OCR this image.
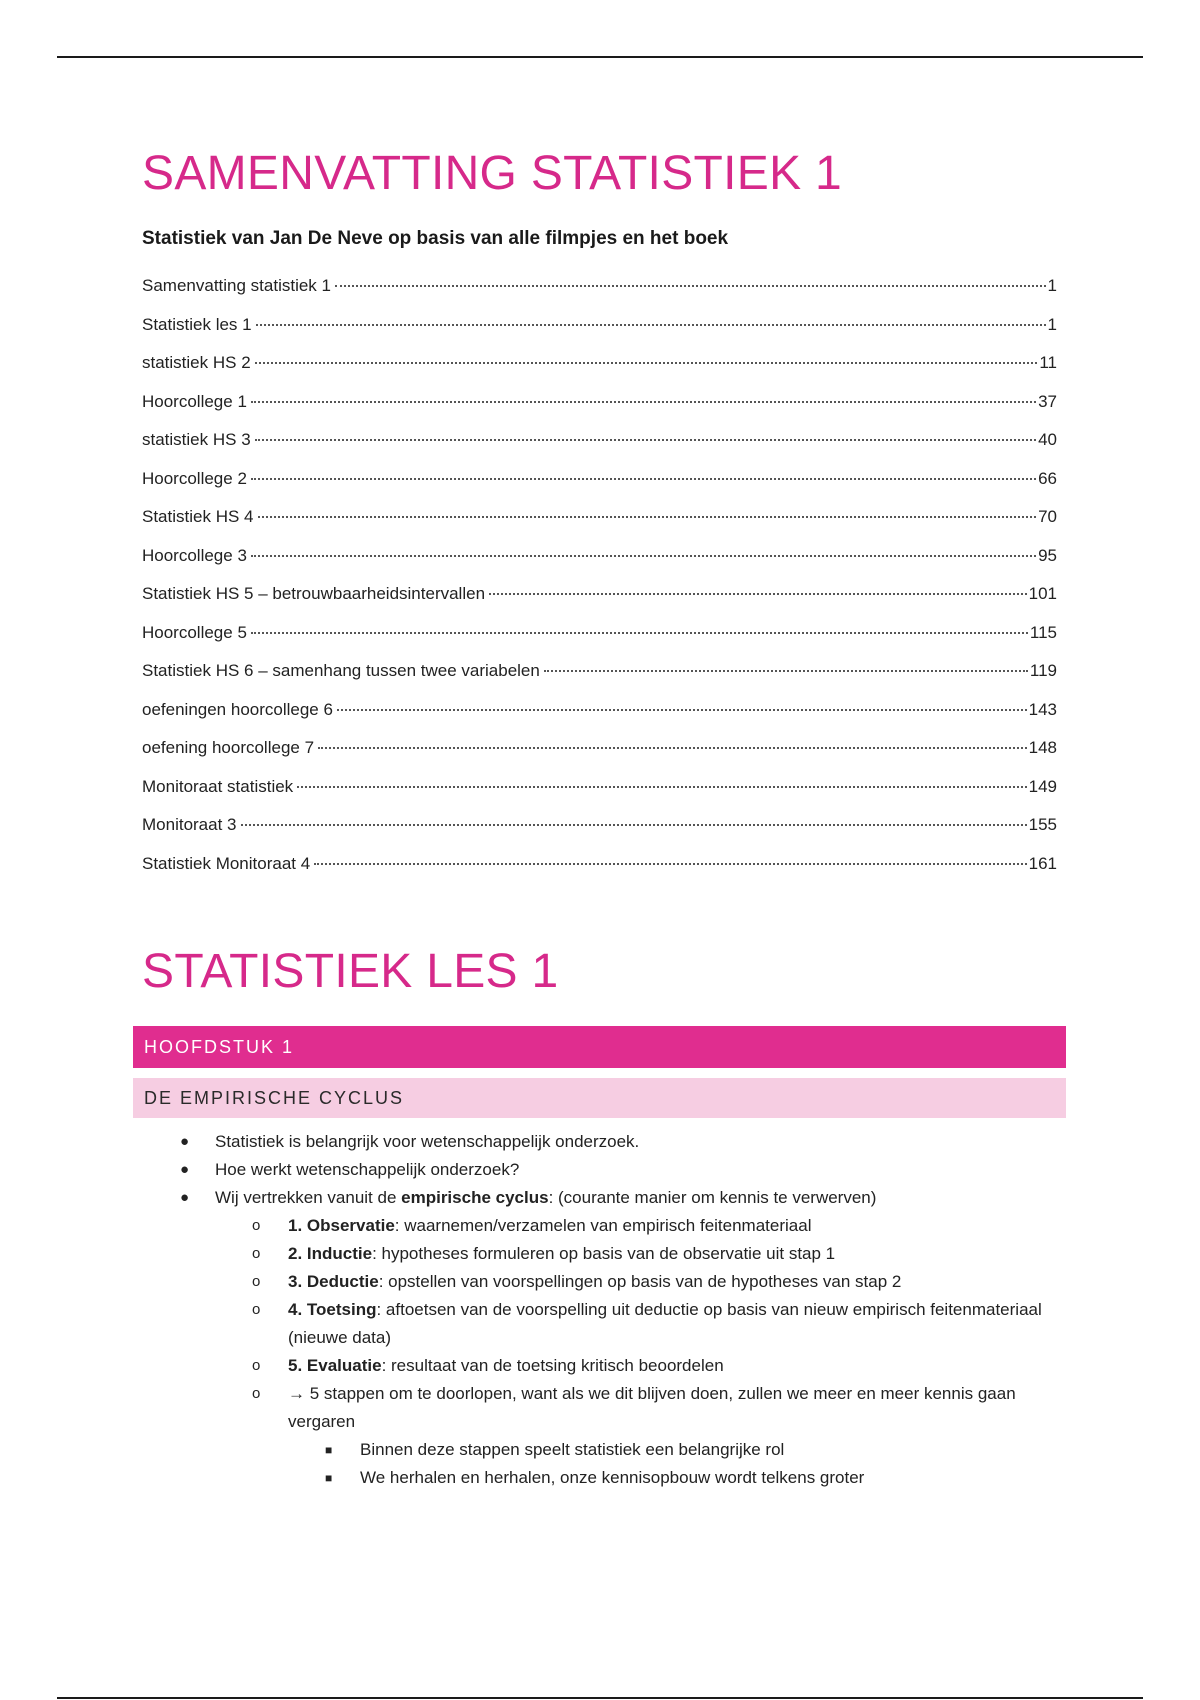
SAMENVATTING STATISTIEK 1
Statistiek van Jan De Neve op basis van alle filmpjes en het boek
Samenvatting statistiek 1	1
Statistiek les 1	1
statistiek HS 2	11
Hoorcollege 1	37
statistiek HS 3	40
Hoorcollege 2	66
Statistiek HS 4	70
Hoorcollege 3	95
Statistiek HS 5 – betrouwbaarheidsintervallen	101
Hoorcollege 5	115
Statistiek HS 6 – samenhang tussen twee variabelen	119
oefeningen hoorcollege 6	143
oefening hoorcollege 7	148
Monitoraat statistiek	149
Monitoraat 3	155
Statistiek Monitoraat 4	161
STATISTIEK LES 1
● Statistiek is belangrijk voor wetenschappelijk onderzoek.
● Hoe werkt wetenschappelijk onderzoek?
● Wij vertrekken vanuit de empirische cyclus: (courante manier om kennis te verwerven)
o 1. Observatie: waarnemen/verzamelen van empirisch feitenmateriaal
o 2. Inductie: hypotheses formuleren op basis van de observatie uit stap 1
o 3. Deductie: opstellen van voorspellingen op basis van de hypotheses van stap 2
o 4. Toetsing: aftoetsen van de voorspelling uit deductie op basis van nieuw empirisch feitenmateriaal (nieuwe data)
o 5. Evaluatie: resultaat van de toetsing kritisch beoordelen
o → 5 stappen om te doorlopen, want als we dit blijven doen, zullen we meer en meer kennis gaan vergaren
■ Binnen deze stappen speelt statistiek een belangrijke rol
■ We herhalen en herhalen, onze kennisopbouw wordt telkens groter
HOOFDSTUK 1
DE EMPIRISCHE CYCLUS
